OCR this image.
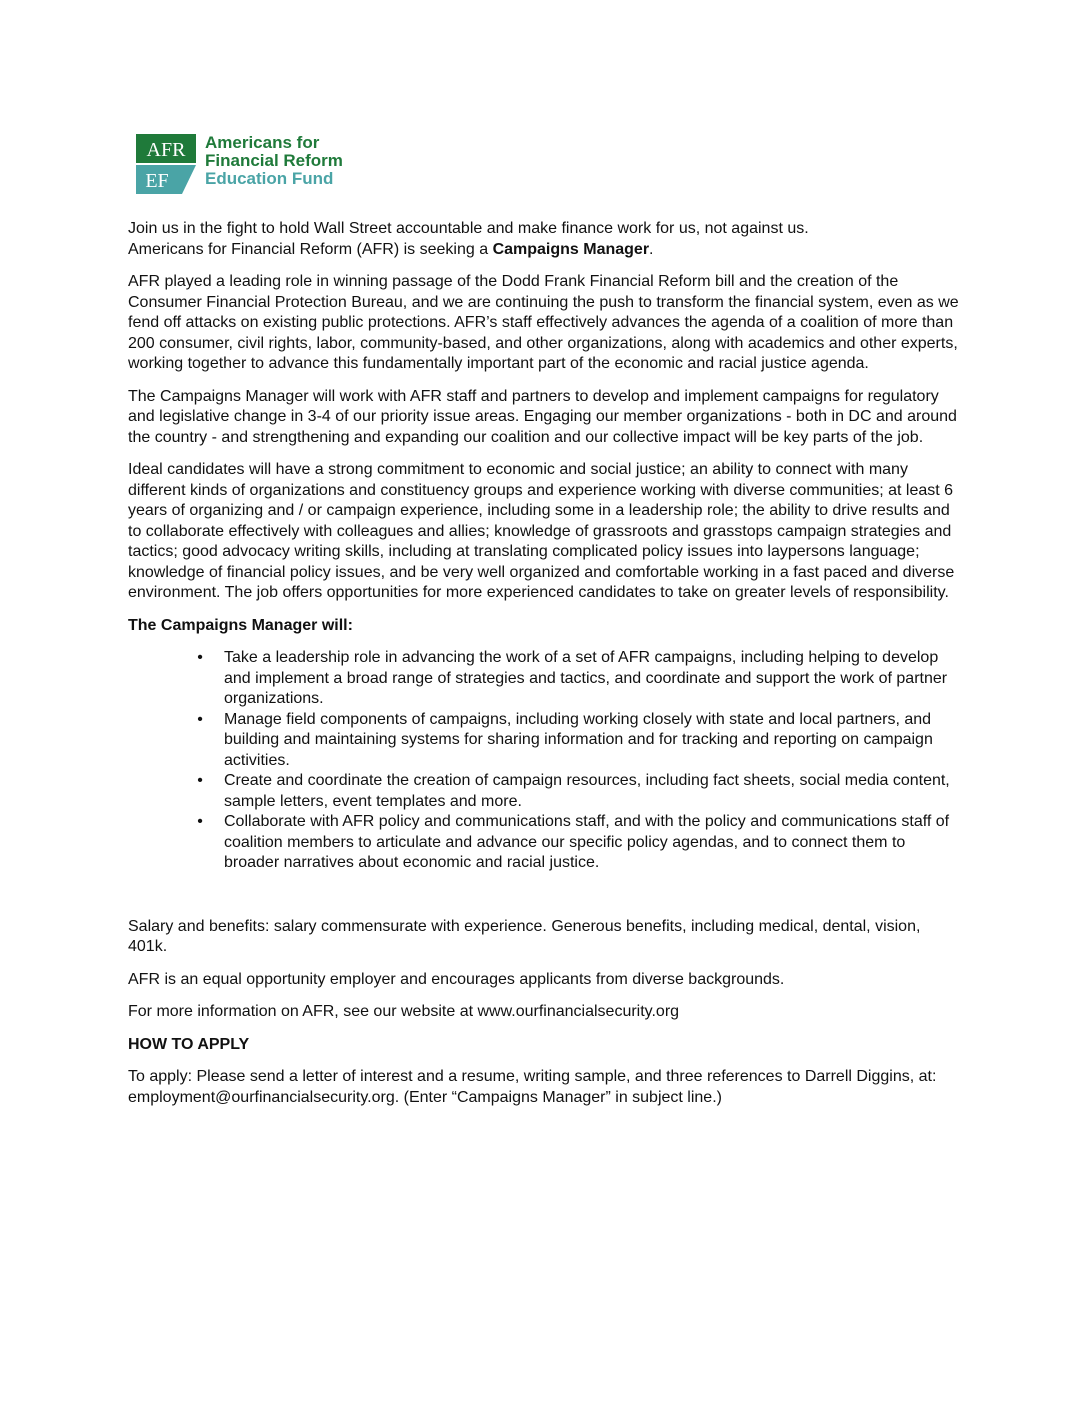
AFR
EF
Americans for
Financial Reform
Education Fund

Join us in the fight to hold Wall Street accountable and make finance work for us, not against us.
Americans for Financial Reform (AFR) is seeking a Campaigns Manager.

AFR played a leading role in winning passage of the Dodd Frank Financial Reform bill and the creation of the Consumer Financial Protection Bureau, and we are continuing the push to transform the financial system, even as we fend off attacks on existing public protections. AFR’s staff effectively advances the agenda of a coalition of more than 200 consumer, civil rights, labor, community-based, and other organizations, along with academics and other experts, working together to advance this fundamentally important part of the economic and racial justice agenda.

The Campaigns Manager will work with AFR staff and partners to develop and implement campaigns for regulatory and legislative change in 3-4 of our priority issue areas. Engaging our member organizations - both in DC and around the country - and strengthening and expanding our coalition and our collective impact will be key parts of the job.

Ideal candidates will have a strong commitment to economic and social justice; an ability to connect with many different kinds of organizations and constituency groups and experience working with diverse communities; at least 6 years of organizing and / or campaign experience, including some in a leadership role; the ability to drive results and to collaborate effectively with colleagues and allies; knowledge of grassroots and grasstops campaign strategies and tactics; good advocacy writing skills, including at translating complicated policy issues into laypersons language; knowledge of financial policy issues, and be very well organized and comfortable working in a fast paced and diverse environment. The job offers opportunities for more experienced candidates to take on greater levels of responsibility.

The Campaigns Manager will:
• Take a leadership role in advancing the work of a set of AFR campaigns, including helping to develop and implement a broad range of strategies and tactics, and coordinate and support the work of partner organizations.
• Manage field components of campaigns, including working closely with state and local partners, and building and maintaining systems for sharing information and for tracking and reporting on campaign activities.
• Create and coordinate the creation of campaign resources, including fact sheets, social media content, sample letters, event templates and more.
• Collaborate with AFR policy and communications staff, and with the policy and communications staff of coalition members to articulate and advance our specific policy agendas, and to connect them to broader narratives about economic and racial justice.

Salary and benefits: salary commensurate with experience. Generous benefits, including medical, dental, vision, 401k.

AFR is an equal opportunity employer and encourages applicants from diverse backgrounds.

For more information on AFR, see our website at www.ourfinancialsecurity.org

HOW TO APPLY

To apply: Please send a letter of interest and a resume, writing sample, and three references to Darrell Diggins, at: employment@ourfinancialsecurity.org. (Enter “Campaigns Manager” in subject line.)
